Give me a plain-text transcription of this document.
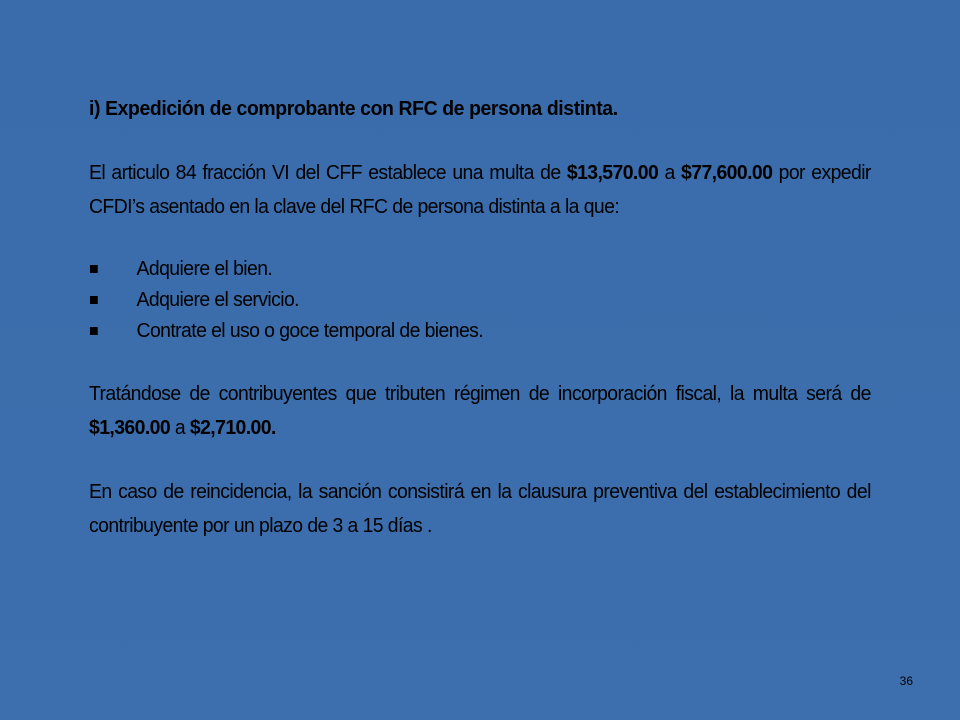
i) Expedición de comprobante con RFC de persona distinta.

El articulo 84 fracción VI del CFF establece una multa de $13,570.00 a $77,600.00 por expedir CFDI’s asentado en la clave del RFC de persona distinta a la que:

Adquiere el bien.
Adquiere el servicio.
Contrate el uso o goce temporal de bienes.

Tratándose de contribuyentes que tributen régimen de incorporación fiscal, la multa será de $1,360.00 a $2,710.00.

En caso de reincidencia, la sanción consistirá en la clausura preventiva del establecimiento del contribuyente por un plazo de 3 a 15 días .

36
